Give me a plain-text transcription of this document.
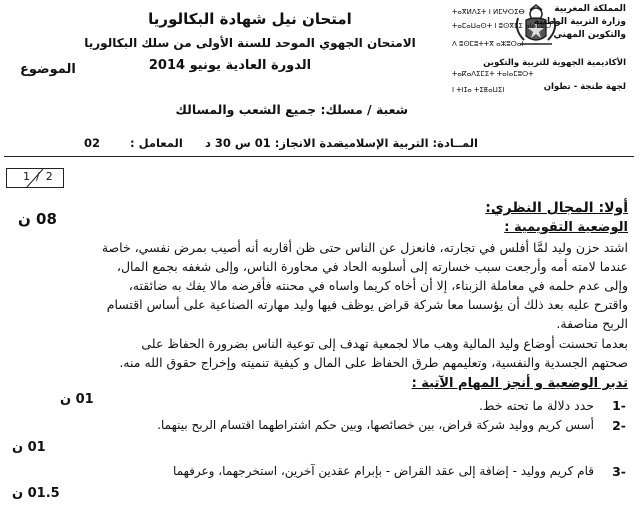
المملكة المغربية
وزارة التربية الوطنية
والتكوين المهني
الأكاديمية الجهوية للتربية والتكوين
لجهة طنجة - تطوان
ⵜⴰⴳⵍⴷⵉⵜ ⵏ ⵍⵎⵖⵔⵉⴱ
ⵜⴰⵎⴰⵡⴰⵙⵜ ⵏ ⵓⵙⴳⵎⵉ ⴰⵏⴰⵎⵓⵔ
ⴷ ⵓⵙⵎⵓⵜⵜⴳ ⴰⵣⵓⵔⴰⵏ
ⵜⴰⴽⴰⴷⵉⵎⵉⵜ ⵜⴰⵏⴰⵎⵓⵔⵜ
ⵏ ⵜⵏⵊⴰ ⵜⵉⵟⴰⵡⵉⵏ
امتحان نيل شهادة البكالوريا
الامتحان الجهوي الموحد للسنة الأولى من سلك البكالوريا
الدورة العادية يونيو 2014
الموضوع
شعبة / مسلك: جميع الشعب والمسالك
المــادة: التربية الإسلامية
مدة الانجاز: 01 س 30 د
المعامل :
02
1/2
أولا: المجال النظري:
الوضعية التقويمية :
08 ن
اشتد حزن وليد لمَّا أفلس في تجارته، فانعزل عن الناس حتى ظن أقاربه أنه أصيب بمرض نفسي، خاصة
عندما لامته أمه وأرجعت سبب خسارته إلى أسلوبه الحاد في محاورة الناس، وإلى شغفه بجمع المال،
وإلى عدم حلمه في معاملة الزبناء، إلا أن أخاه كريما واساه في محنته فأقرضه مالا يفك به ضائقته،
واقترح عليه بعد ذلك أن يؤسسا معا شركة قراض يوظف فيها وليد مهارته الصناعية على أساس اقتسام
الربح مناصفة.
بعدما تحسنت أوضاع وليد المالية وهب مالا لجمعية تهدف إلى توعية الناس بضرورة الحفاظ على
صحتهم الجسدية والنفسية، وتعليمهم طرق الحفاظ على المال و كيفية تنميته وإخراج حقوق الله منه.
تدبر الوضعية و أنجز المهام الآتية :
1-
حدد دلالة ما تحته خط.
01 ن
2-
أسس كريم ووليد شركة قراض، بين خصائصها، وبين حكم اشتراطهما اقتسام الربح بينهما.
01 ن
3-
قام كريم ووليد - إضافة إلى عقد القراض - بإبرام عقدين آخرين، استخرجهما، وعرفهما
01.5 ن
